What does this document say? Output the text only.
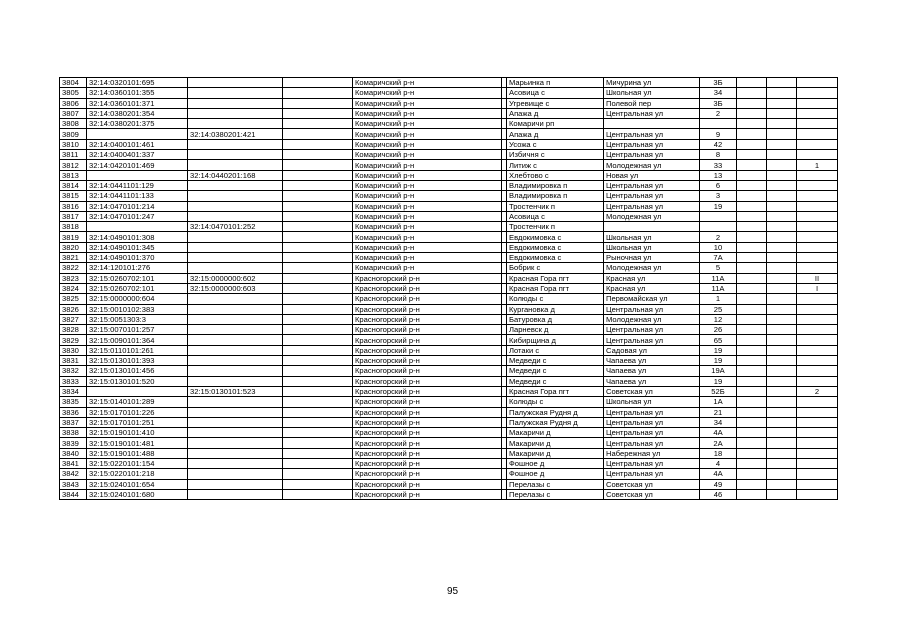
3804	32:14:0320101:695			Комаричский р-н		Марьинка п	Мичурина ул	3Б			
3805	32:14:0360101:355			Комаричский р-н		Асовица с	Школьная ул	34			
3806	32:14:0360101:371			Комаричский р-н		Угревище с	Полевой пер	3Б			
3807	32:14:0380201:354			Комаричский р-н		Апажа д	Центральная ул	2			
3808	32:14:0380201:375			Комаричский р-н		Комаричи рп					
3809		32:14:0380201:421		Комаричский р-н		Апажа д	Центральная ул	9			
3810	32:14:0400101:461			Комаричский р-н		Усожа с	Центральная ул	42			
3811	32:14:0400401:337			Комаричский р-н		Избичня с	Центральная ул	8			
3812	32:14:0420101:469			Комаричский р-н		Литиж с	Молодежная ул	33			1
3813		32:14:0440201:168		Комаричский р-н		Хлебтово с	Новая ул	13			
3814	32:14:0441101:129			Комаричский р-н		Владимировка п	Центральная ул	6			
3815	32:14:0441101:133			Комаричский р-н		Владимировка п	Центральная ул	3			
3816	32:14:0470101:214			Комаричский р-н		Тростенчик п	Центральная ул	19			
3817	32:14:0470101:247			Комаричский р-н		Асовица с	Молодежная ул				
3818		32:14:0470101:252		Комаричский р-н		Тростенчик п					
3819	32:14:0490101:308			Комаричский р-н		Евдокимовка с	Школьная ул	2			
3820	32:14:0490101:345			Комаричский р-н		Евдокимовка с	Школьная ул	10			
3821	32:14:0490101:370			Комаричский р-н		Евдокимовка с	Рыночная ул	7А			
3822	32:14:120101:276			Комаричский р-н		Бобрик с	Молодежная ул	5			
3823	32:15:0260702:101	32:15:0000000:602		Красногорский р-н		Красная Гора пгт	Красная ул	11А			II
3824	32:15:0260702:101	32:15:0000000:603		Красногорский р-н		Красная Гора пгт	Красная ул	11А			I
3825	32:15:0000000:604			Красногорский р-н		Колюды с	Первомайская ул	1			
3826	32:15:0010102:383			Красногорский р-н		Кургановка д	Центральная ул	25			
3827	32:15:0051303:3			Красногорский р-н		Батуровка д	Молодежная ул	12			
3828	32:15:0070101:257			Красногорский р-н		Ларневск д	Центральная ул	26			
3829	32:15:0090101:364			Красногорский р-н		Кибирщина д	Центральная ул	65			
3830	32:15:0110101:261			Красногорский р-н		Лотаки с	Садовая ул	19			
3831	32:15:0130101:393			Красногорский р-н		Медведи с	Чапаева ул	19			
3832	32:15:0130101:456			Красногорский р-н		Медведи с	Чапаева ул	19А			
3833	32:15:0130101:520			Красногорский р-н		Медведи с	Чапаева ул	19			
3834		32:15:0130101:523		Красногорский р-н		Красная Гора пгт	Советская ул	52Б			2
3835	32:15:0140101:289			Красногорский р-н		Колюды с	Школьная ул	1А			
3836	32:15:0170101:226			Красногорский р-н		Палужская Рудня д	Центральная ул	21			
3837	32:15:0170101:251			Красногорский р-н		Палужская Рудня д	Центральная ул	34			
3838	32:15:0190101:410			Красногорский р-н		Макаричи д	Центральная ул	4А			
3839	32:15:0190101:481			Красногорский р-н		Макаричи д	Центральная ул	2А			
3840	32:15:0190101:488			Красногорский р-н		Макаричи д	Набережная ул	18			
3841	32:15:0220101:154			Красногорский р-н		Фошное д	Центральная ул	4			
3842	32:15:0220101:218			Красногорский р-н		Фошное д	Центральная ул	4А			
3843	32:15:0240101:654			Красногорский р-н		Перелазы с	Советская ул	49			
3844	32:15:0240101:680			Красногорский р-н		Перелазы с	Советская ул	46			
95
